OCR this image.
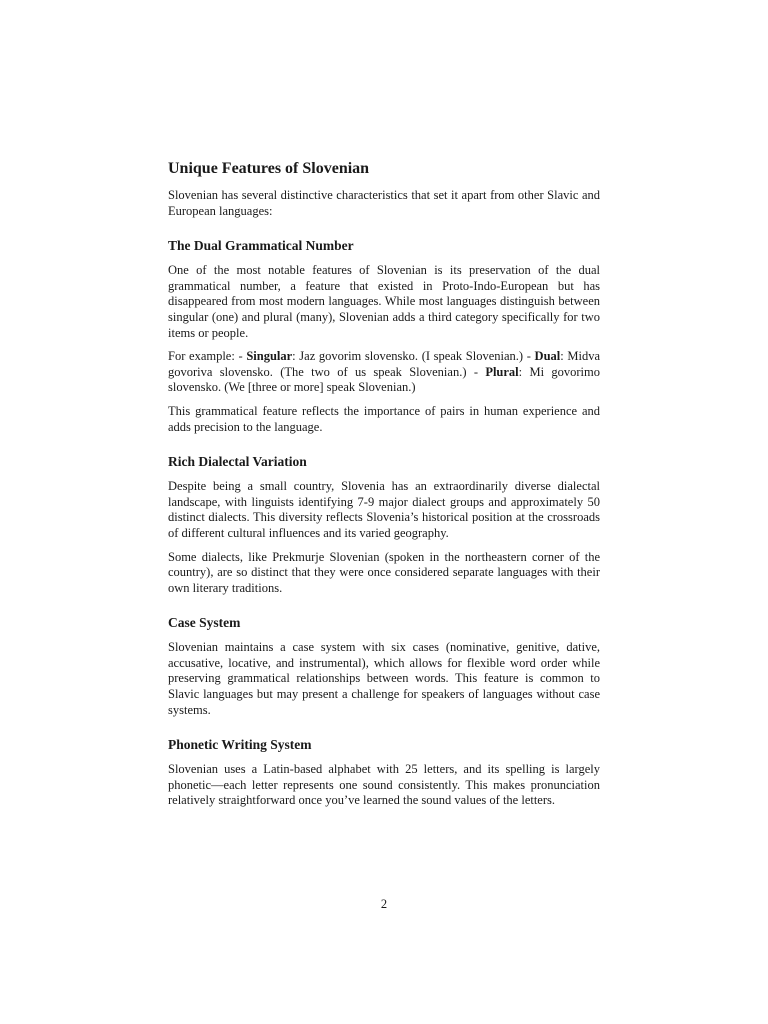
Unique Features of Slovenian

Slovenian has several distinctive characteristics that set it apart from other Slavic and European languages:

The Dual Grammatical Number

One of the most notable features of Slovenian is its preservation of the dual grammatical number, a feature that existed in Proto-Indo-European but has disappeared from most modern languages. While most languages distinguish between singular (one) and plural (many), Slovenian adds a third category specifically for two items or people.

For example: - Singular: Jaz govorim slovensko. (I speak Slovenian.) - Dual: Midva govoriva slovensko. (The two of us speak Slovenian.) - Plural: Mi govorimo slovensko. (We [three or more] speak Slovenian.)

This grammatical feature reflects the importance of pairs in human experience and adds precision to the language.

Rich Dialectal Variation

Despite being a small country, Slovenia has an extraordinarily diverse dialectal landscape, with linguists identifying 7-9 major dialect groups and approximately 50 distinct dialects. This diversity reflects Slovenia’s historical position at the crossroads of different cultural influences and its varied geography.

Some dialects, like Prekmurje Slovenian (spoken in the northeastern corner of the country), are so distinct that they were once considered separate languages with their own literary traditions.

Case System

Slovenian maintains a case system with six cases (nominative, genitive, dative, accusative, locative, and instrumental), which allows for flexible word order while preserving grammatical relationships between words. This feature is common to Slavic languages but may present a challenge for speakers of languages without case systems.

Phonetic Writing System

Slovenian uses a Latin-based alphabet with 25 letters, and its spelling is largely phonetic—each letter represents one sound consistently. This makes pronunciation relatively straightforward once you’ve learned the sound values of the letters.

2
